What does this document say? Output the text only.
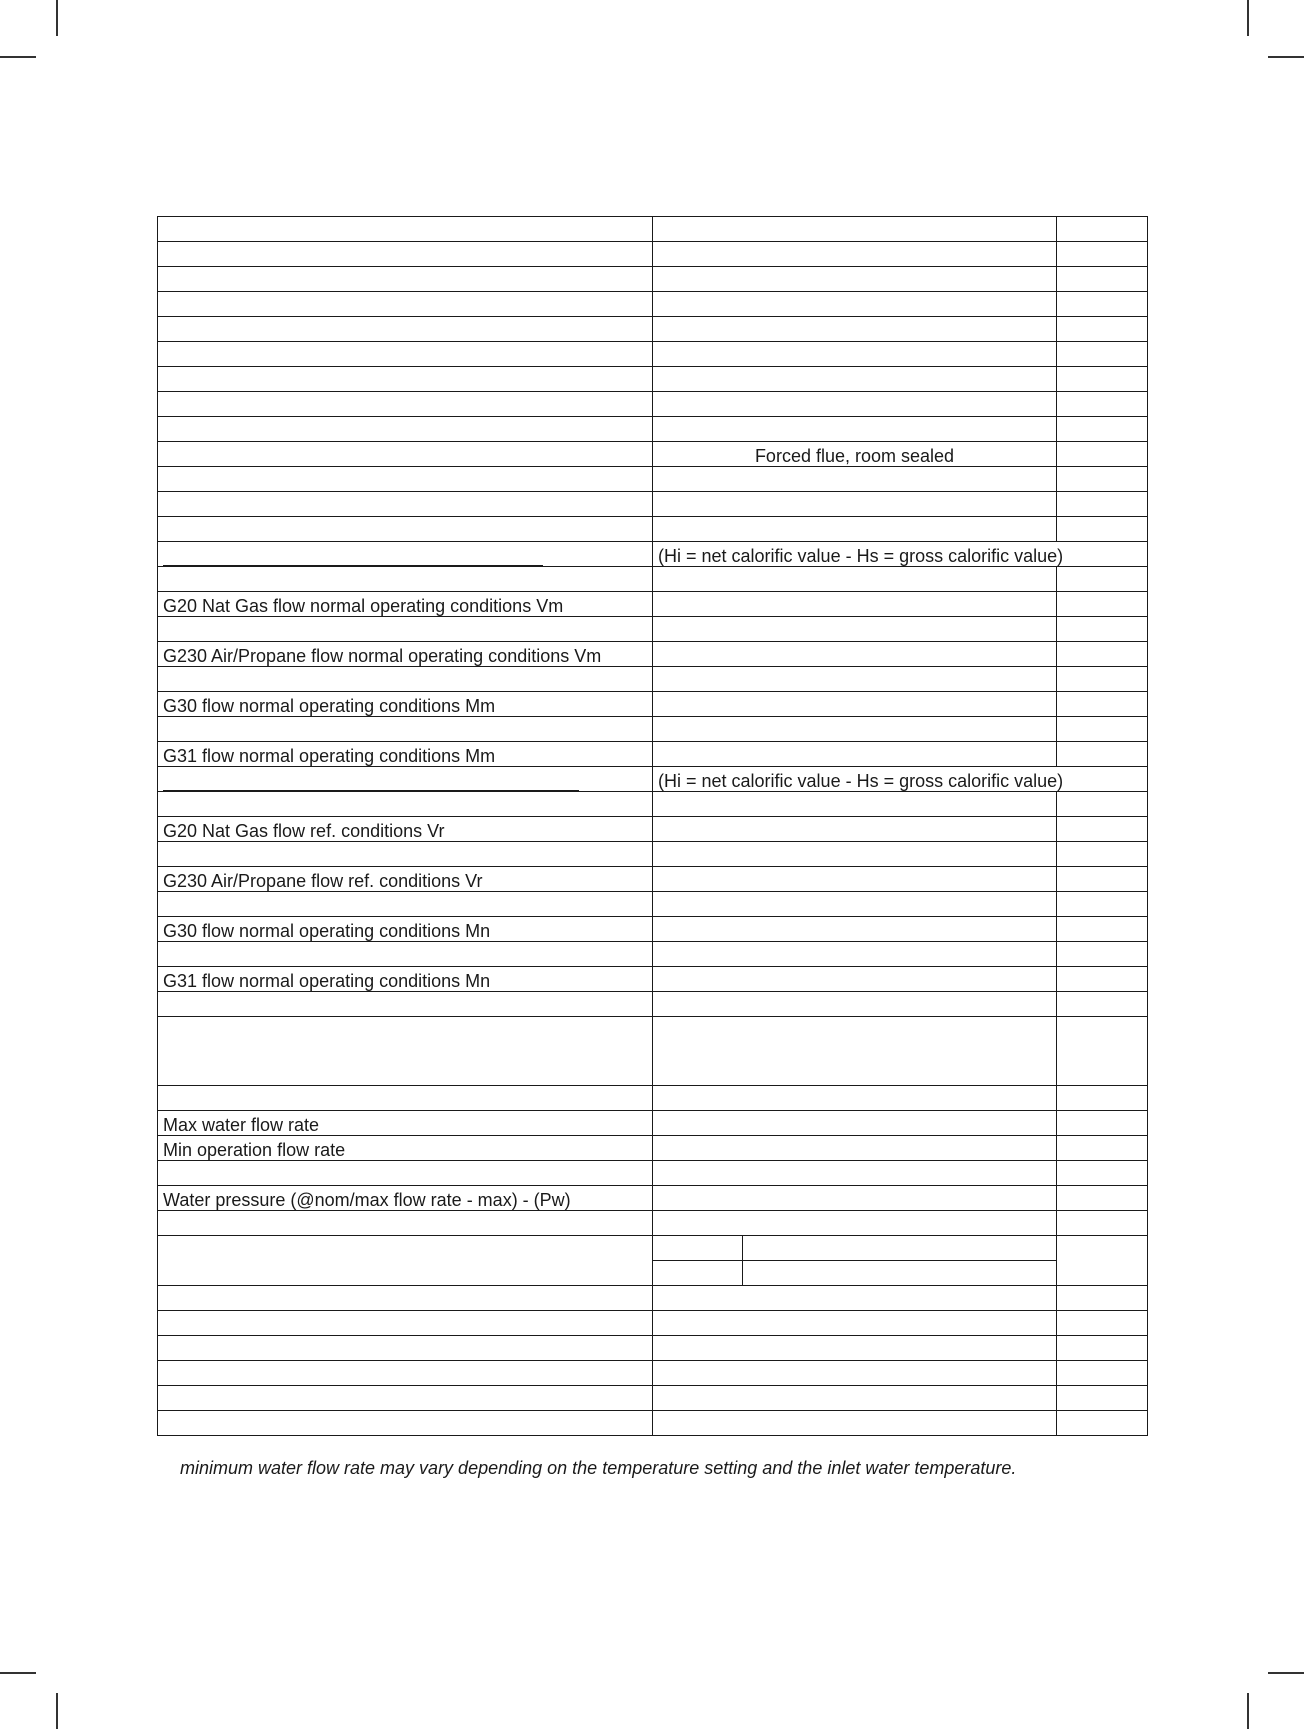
	Forced flue, room sealed	

	(Hi = net calorific value - Hs = gross calorific value)

G20 Nat Gas flow normal operating conditions Vm		

G230 Air/Propane flow normal operating conditions Vm		

G30 flow normal operating conditions Mm		

G31 flow normal operating conditions Mm		
	(Hi = net calorific value - Hs = gross calorific value)

G20 Nat Gas flow ref. conditions Vr		

G230 Air/Propane flow ref. conditions Vr		

G30 flow normal operating conditions Mn		

G31 flow normal operating conditions Mn		

Max water flow rate		
Min operation flow rate		

Water pressure (@nom/max flow rate - max) - (Pw)		

minimum water flow rate may vary depending on the temperature setting and the inlet water temperature.
